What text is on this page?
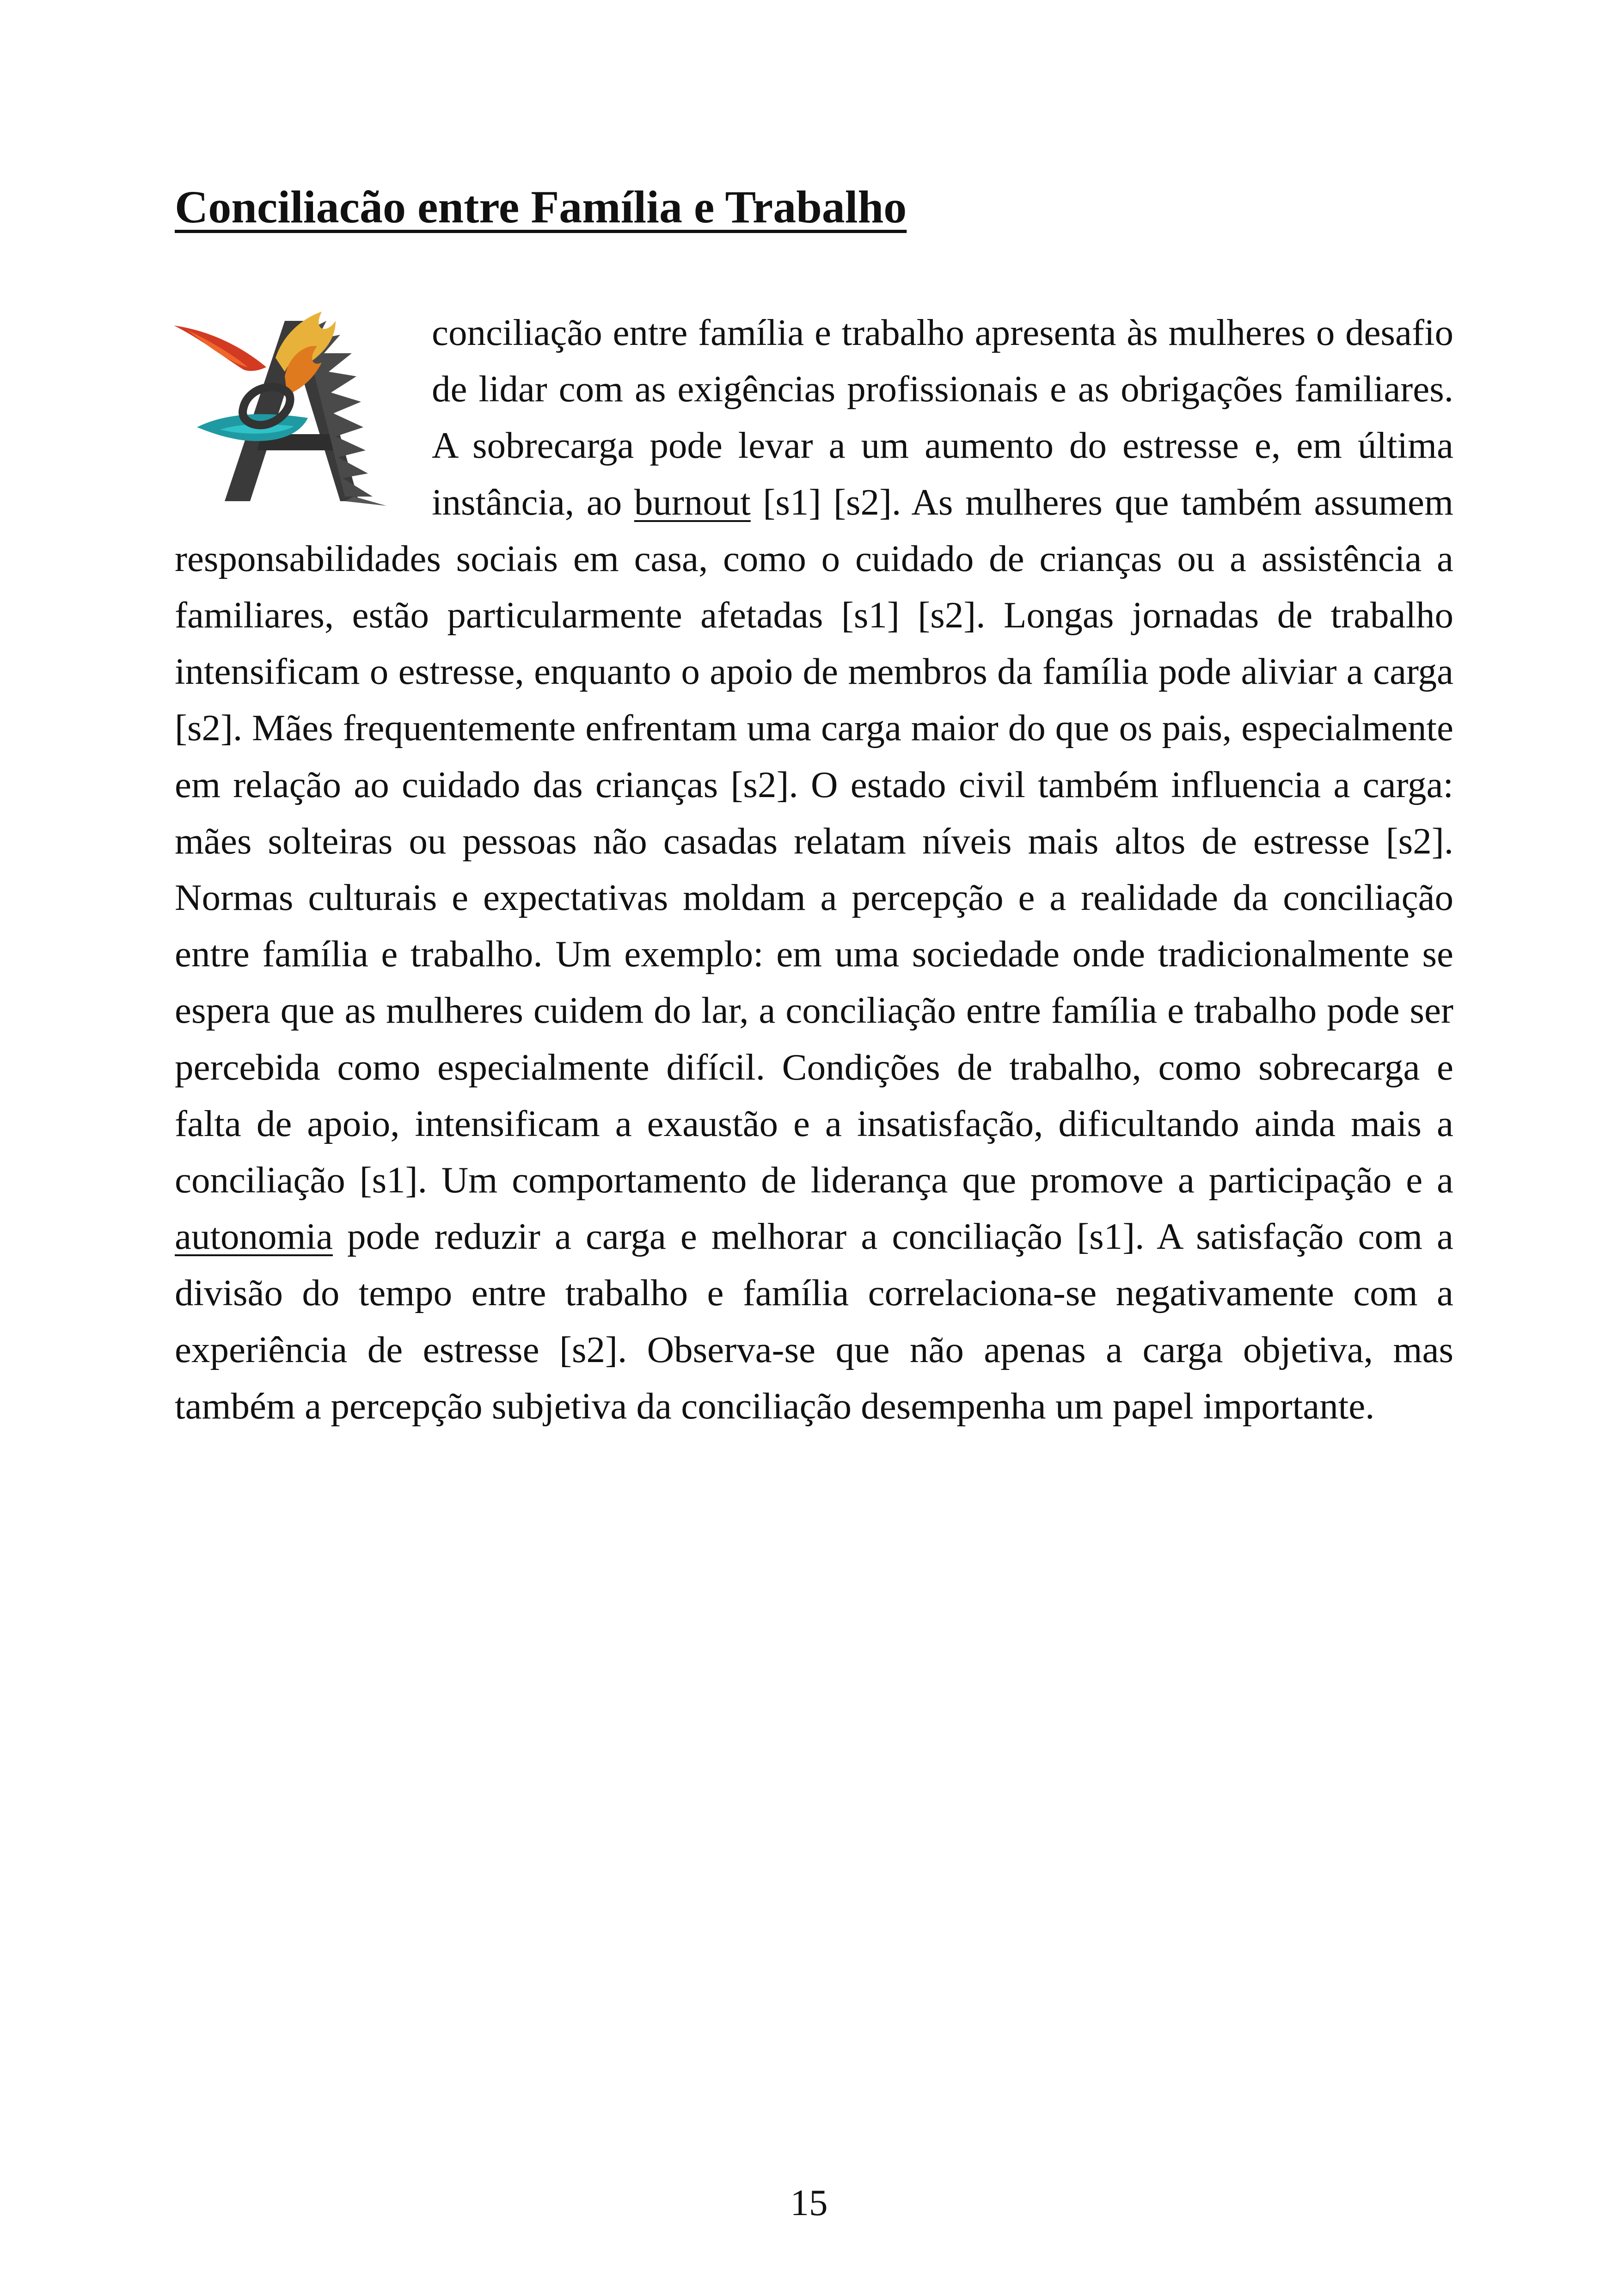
Conciliacão entre Família e Trabalho

conciliação entre família e trabalho apresenta às mulheres o desafio de lidar com as exigências profissionais e as obrigações familiares. A sobrecarga pode levar a um aumento do estresse e, em última instância, ao burnout [s1] [s2]. As mulheres que também assumem responsabilidades sociais em casa, como o cuidado de crianças ou a assistência a familiares, estão particularmente afetadas [s1] [s2]. Longas jornadas de trabalho intensificam o estresse, enquanto o apoio de membros da família pode aliviar a carga [s2]. Mães frequentemente enfrentam uma carga maior do que os pais, especialmente em relação ao cuidado das crianças [s2]. O estado civil também influencia a carga: mães solteiras ou pessoas não casadas relatam níveis mais altos de estresse [s2]. Normas culturais e expectativas moldam a percepção e a realidade da conciliação entre família e trabalho. Um exemplo: em uma sociedade onde tradicionalmente se espera que as mulheres cuidem do lar, a conciliação entre família e trabalho pode ser percebida como especialmente difícil. Condições de trabalho, como sobrecarga e falta de apoio, intensificam a exaustão e a insatisfação, dificultando ainda mais a conciliação [s1]. Um comportamento de liderança que promove a participação e a autonomia pode reduzir a carga e melhorar a conciliação [s1]. A satisfação com a divisão do tempo entre trabalho e família correlaciona-se negativamente com a experiência de estresse [s2]. Observa-se que não apenas a carga objetiva, mas também a percepção subjetiva da conciliação desempenha um papel importante.

15
